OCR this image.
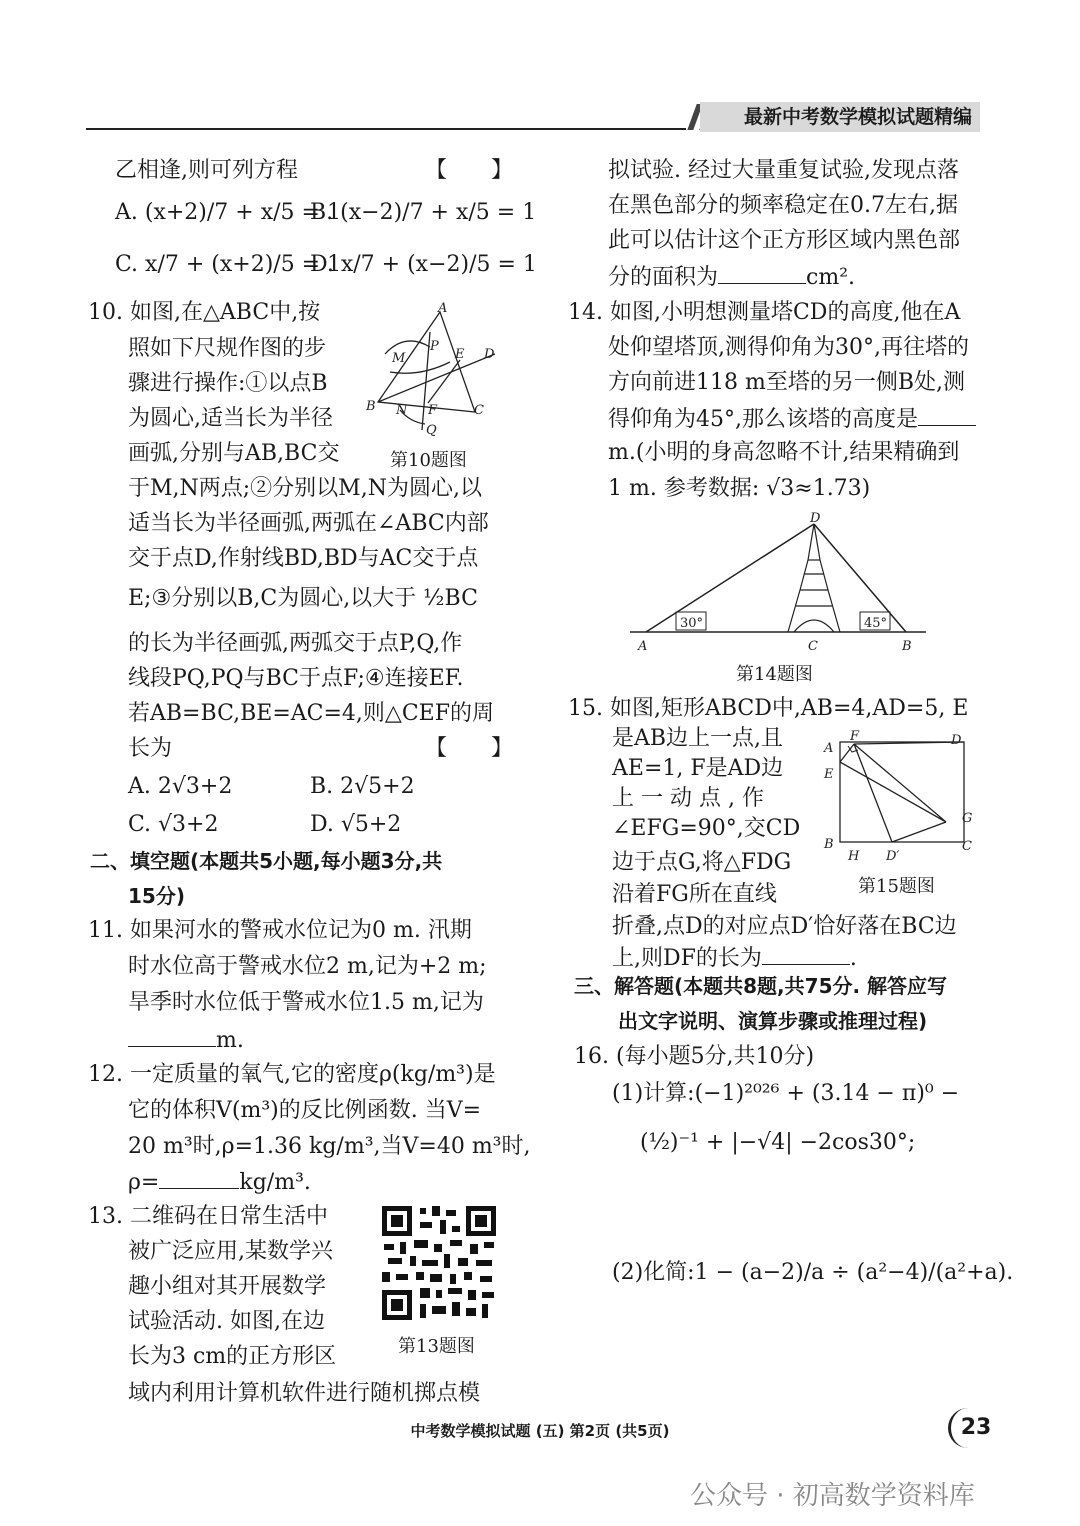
最新中考数学模拟试题精编
乙相逢,则可列方程	【　　】
A. (x+2)/7 + x/5 = 1
B. (x−2)/7 + x/5 = 1
C. x/7 + (x+2)/5 = 1
D. x/7 + (x−2)/5 = 1
10. 如图,在△ABC中,按
照如下尺规作图的步
骤进行操作:①以点B
为圆心,适当长为半径
画弧,分别与AB,BC交
A
B	C
M
N
P
E D
F
Q
第10题图
于M,N两点;②分别以M,N为圆心,以
适当长为半径画弧,两弧在∠ABC内部
交于点D,作射线BD,BD与AC交于点
E;③分别以B,C为圆心,以大于 ½BC
的长为半径画弧,两弧交于点P,Q,作
线段PQ,PQ与BC于点F;④连接EF.
若AB=BC,BE=AC=4,则△CEF的周
长为	【　　】
A. 2√3+2	B. 2√5+2
C. √3+2	D. √5+2
二、填空题(本题共5小题,每小题3分,共
15分)
11. 如果河水的警戒水位记为0 m. 汛期
时水位高于警戒水位2 m,记为+2 m;
旱季时水位低于警戒水位1.5 m,记为
m.
12. 一定质量的氧气,它的密度ρ(kg/m³)是
它的体积V(m³)的反比例函数. 当V=
20 m³时,ρ=1.36 kg/m³,当V=40 m³时,
ρ=	kg/m³.
13. 二维码在日常生活中
被广泛应用,某数学兴
趣小组对其开展数学
试验活动. 如图,在边
长为3 cm的正方形区
域内利用计算机软件进行随机掷点模
第13题图
拟试验. 经过大量重复试验,发现点落
在黑色部分的频率稳定在0.7左右,据
此可以估计这个正方形区域内黑色部
分的面积为	cm².
14. 如图,小明想测量塔CD的高度,他在A
处仰望塔顶,测得仰角为30°,再往塔的
方向前进118 m至塔的另一侧B处,测
得仰角为45°,那么该塔的高度是
m.(小明的身高忽略不计,结果精确到
1 m. 参考数据: √3≈1.73)
D
A	C	B
30°	45°
第14题图
15. 如图,矩形ABCD中,AB=4,AD=5, E
是AB边上一点,且
AE=1, F是AD边
上 一 动 点 , 作
∠EFG=90°,交CD
边于点G,将△FDG
沿着FG所在直线
折叠,点D的对应点D′恰好落在BC边
上,则DF的长为	.
A
F	D
E
G
B
H D′
C
第15题图
三、解答题(本题共8题,共75分. 解答应写
出文字说明、演算步骤或推理过程)
16. (每小题5分,共10分)
(1)计算:(−1)²⁰²⁶ + (3.14 − π)⁰ −
(½)⁻¹ + |−√4| −2cos30°;
(2)化简:1 − (a−2)/a ÷ (a²−4)/(a²+a).
中考数学模拟试题 (五) 第2页 (共5页)	23
公众号 · 初高数学资料库
